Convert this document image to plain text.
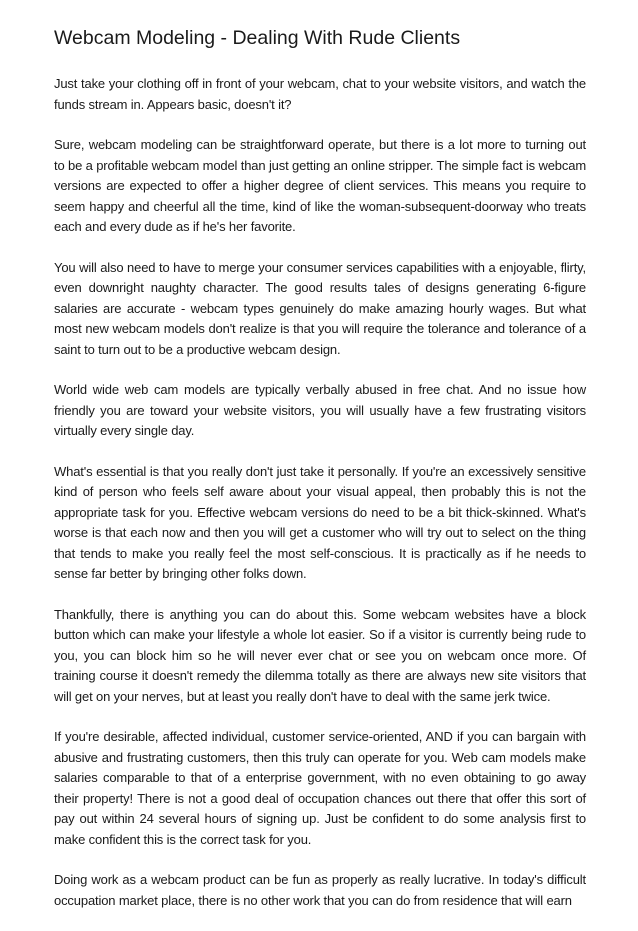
Webcam Modeling - Dealing With Rude Clients

Just take your clothing off in front of your webcam, chat to your website visitors, and watch the funds stream in. Appears basic, doesn't it?

Sure, webcam modeling can be straightforward operate, but there is a lot more to turning out to be a profitable webcam model than just getting an online stripper. The simple fact is webcam versions are expected to offer a higher degree of client services. This means you require to seem happy and cheerful all the time, kind of like the woman-subsequent-doorway who treats each and every dude as if he's her favorite.

You will also need to have to merge your consumer services capabilities with a enjoyable, flirty, even downright naughty character. The good results tales of designs generating 6-figure salaries are accurate - webcam types genuinely do make amazing hourly wages. But what most new webcam models don't realize is that you will require the tolerance and tolerance of a saint to turn out to be a productive webcam design.

World wide web cam models are typically verbally abused in free chat. And no issue how friendly you are toward your website visitors, you will usually have a few frustrating visitors virtually every single day.

What's essential is that you really don't just take it personally. If you're an excessively sensitive kind of person who feels self aware about your visual appeal, then probably this is not the appropriate task for you. Effective webcam versions do need to be a bit thick-skinned. What's worse is that each now and then you will get a customer who will try out to select on the thing that tends to make you really feel the most self-conscious. It is practically as if he needs to sense far better by bringing other folks down.

Thankfully, there is anything you can do about this. Some webcam websites have a block button which can make your lifestyle a whole lot easier. So if a visitor is currently being rude to you, you can block him so he will never ever chat or see you on webcam once more. Of training course it doesn't remedy the dilemma totally as there are always new site visitors that will get on your nerves, but at least you really don't have to deal with the same jerk twice.

If you're desirable, affected individual, customer service-oriented, AND if you can bargain with abusive and frustrating customers, then this truly can operate for you. Web cam models make salaries comparable to that of a enterprise government, with no even obtaining to go away their property! There is not a good deal of occupation chances out there that offer this sort of pay out within 24 several hours of signing up. Just be confident to do some analysis first to make confident this is the correct task for you.

Doing work as a webcam product can be fun as properly as really lucrative. In today's difficult occupation market place, there is no other work that you can do from residence that will earn
